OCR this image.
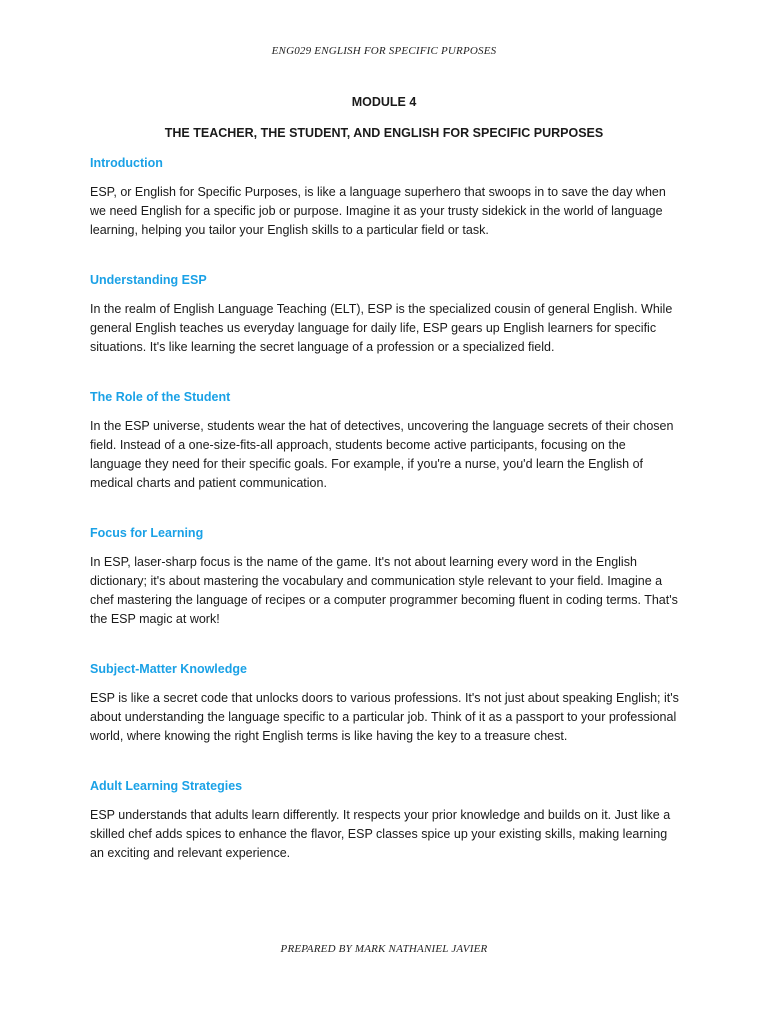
ENG029 ENGLISH FOR SPECIFIC PURPOSES
MODULE 4
THE TEACHER, THE STUDENT, AND ENGLISH FOR SPECIFIC PURPOSES

Introduction

ESP, or English for Specific Purposes, is like a language superhero that swoops in to save the day when we need English for a specific job or purpose. Imagine it as your trusty sidekick in the world of language learning, helping you tailor your English skills to a particular field or task.

Understanding ESP

In the realm of English Language Teaching (ELT), ESP is the specialized cousin of general English. While general English teaches us everyday language for daily life, ESP gears up English learners for specific situations. It's like learning the secret language of a profession or a specialized field.

The Role of the Student

In the ESP universe, students wear the hat of detectives, uncovering the language secrets of their chosen field. Instead of a one-size-fits-all approach, students become active participants, focusing on the language they need for their specific goals. For example, if you're a nurse, you'd learn the English of medical charts and patient communication.

Focus for Learning

In ESP, laser-sharp focus is the name of the game. It's not about learning every word in the English dictionary; it's about mastering the vocabulary and communication style relevant to your field. Imagine a chef mastering the language of recipes or a computer programmer becoming fluent in coding terms. That's the ESP magic at work!

Subject-Matter Knowledge

ESP is like a secret code that unlocks doors to various professions. It's not just about speaking English; it's about understanding the language specific to a particular job. Think of it as a passport to your professional world, where knowing the right English terms is like having the key to a treasure chest.

Adult Learning Strategies

ESP understands that adults learn differently. It respects your prior knowledge and builds on it. Just like a skilled chef adds spices to enhance the flavor, ESP classes spice up your existing skills, making learning an exciting and relevant experience.

PREPARED BY MARK NATHANIEL JAVIER
